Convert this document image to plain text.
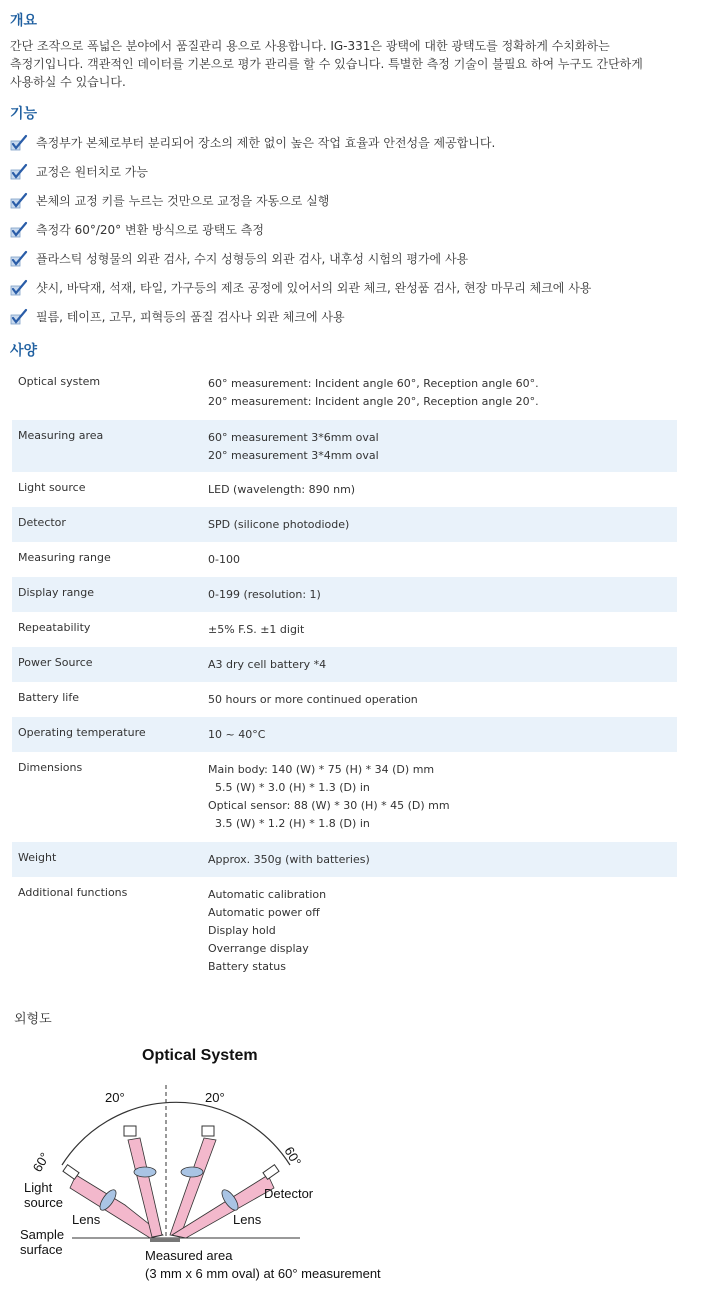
개요
간단 조작으로 폭넓은 분야에서 품질관리 용으로 사용합니다. IG-331은 광택에 대한 광택도를 정확하게 수치화하는
측정기입니다. 객관적인 데이터를 기본으로 평가 관리를 할 수 있습니다. 특별한 측정 기술이 불필요 하여 누구도 간단하게
사용하실 수 있습니다.
기능
측정부가 본체로부터 분리되어 장소의 제한 없이 높은 작업 효율과 안전성을 제공합니다.
교정은 원터치로 가능
본체의 교정 키를 누르는 것만으로 교정을 자동으로 실행
측정각 60°/20° 변환 방식으로 광택도 측정
플라스틱 성형물의 외관 검사, 수지 성형등의 외관 검사, 내후성 시험의 평가에 사용
샷시, 바닥재, 석재, 타일, 가구등의 제조 공정에 있어서의 외관 체크, 완성품 검사, 현장 마무리 체크에 사용
필름, 테이프, 고무, 피혁등의 품질 검사나 외관 체크에 사용
사양
Optical system	60° measurement: Incident angle 60°, Reception angle 60°.
20° measurement: Incident angle 20°, Reception angle 20°.

Measuring area	60° measurement 3*6mm oval
20° measurement 3*4mm oval

Light source	LED (wavelength: 890 nm)

Detector	SPD (silicone photodiode)

Measuring range	0-100

Display range	0-199 (resolution: 1)

Repeatability	±5% F.S. ±1 digit

Power Source	A3 dry cell battery *4

Battery life	50 hours or more continued operation

Operating temperature	10 ~ 40°C

Dimensions	Main body: 140 (W) * 75 (H) * 34 (D) mm
5.5 (W) * 3.0 (H) * 1.3 (D) in
Optical sensor: 88 (W) * 30 (H) * 45 (D) mm
3.5 (W) * 1.2 (H) * 1.8 (D) in

Weight	Approx. 350g (with batteries)

Additional functions	Automatic calibration
Automatic power off
Display hold
Overrange display
Battery status
외형도
Optical System
20°	20°
60°	60°
Light
source
Detector
Lens	Lens
Sample
surface	Measured area
(3 mm x 6 mm oval) at 60° measurement
